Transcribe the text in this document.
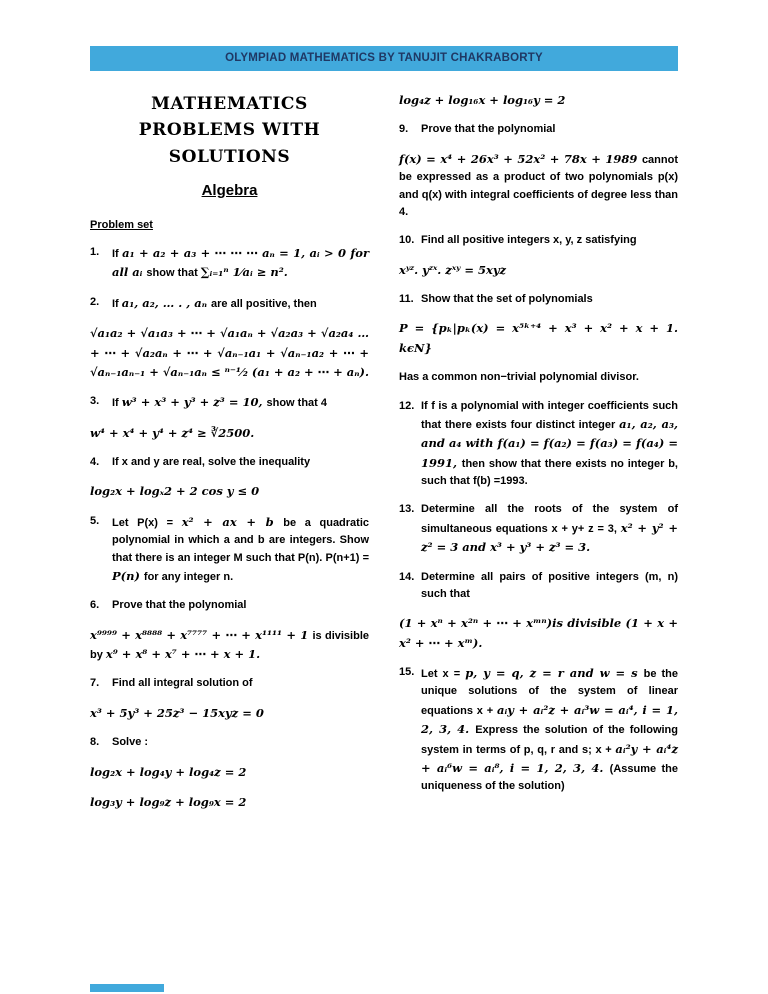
OLYMPIAD MATHEMATICS BY TANUJIT CHAKRABORTY
MATHEMATICS
PROBLEMS WITH
SOLUTIONS
Algebra
Problem set
1. If a₁ + a₂ + a₃ + ⋯ ⋯ ⋯ aₙ = 1, aᵢ > 0 for all aᵢ show that ∑ᵢ₌₁ⁿ 1⁄aᵢ ≥ n².
2. If a₁, a₂, … . , aₙ are all positive, then
√a₁a₂ + √a₁a₃ + ⋯ + √a₁aₙ + √a₂a₃ + √a₂a₄ … + ⋯ + √a₂aₙ + ⋯ + √aₙ₋₁a₁ + √aₙ₋₁a₂ + ⋯ + √aₙ₋₁aₙ₋₁ + √aₙ₋₁aₙ ≤ ⁿ⁻¹⁄₂ (a₁ + a₂ + ⋯ + aₙ).
3. If w³ + x³ + y³ + z³ = 10, show that 4
w⁴ + x⁴ + y⁴ + z⁴ ≥ ∛2500.
4. If x and y are real, solve the inequality
log₂x + logₓ2 + 2 cos y ≤ 0
5. Let P(x) = x² + ax + b be a quadratic polynomial in which a and b are integers. Show that there is an integer M such that P(n). P(n+1) = P(n) for any integer n.
6. Prove that the polynomial
x⁹⁹⁹⁹ + x⁸⁸⁸⁸ + x⁷⁷⁷⁷ + ⋯ + x¹¹¹¹ + 1 is divisible by x⁹ + x⁸ + x⁷ + ⋯ + x + 1.
7. Find all integral solution of
x³ + 5y³ + 25z³ − 15xyz = 0
8. Solve :
log₂x + log₄y + log₄z = 2
log₃y + log₉z + log₉x = 2
log₄z + log₁₆x + log₁₆y = 2
9. Prove that the polynomial
f(x) = x⁴ + 26x³ + 52x² + 78x + 1989 cannot be expressed as a product of two polynomials p(x) and q(x) with integral coefficients of degree less than 4.
10. Find all positive integers x, y, z satisfying
xʸᶻ. yᶻˣ. zˣʸ = 5xyz
11. Show that the set of polynomials
P = {pₖ|pₖ(x) = x⁵ᵏ⁺⁴ + x³ + x² + x + 1. kϵN}
Has a common non−trivial polynomial divisor.
12. If f is a polynomial with integer coefficients such that there exists four distinct integer a₁, a₂, a₃, and a₄ with f(a₁) = f(a₂) = f(a₃) = f(a₄) = 1991, then show that there exists no integer b, such that f(b) =1993.
13. Determine all the roots of the system of simultaneous equations x + y+ z = 3, x² + y² + z² = 3 and x³ + y³ + z³ = 3.
14. Determine all pairs of positive integers (m, n) such that
(1 + xⁿ + x²ⁿ + ⋯ + xᵐⁿ)is divisible (1 + x + x² + ⋯ + xᵐ).
15. Let x = p, y = q, z = r and w = s be the unique solutions of the system of linear equations x + aᵢy + aᵢ²z + aᵢ³w = aᵢ⁴, i = 1, 2, 3, 4. Express the solution of the following system in terms of p, q, r and s; x + aᵢ²y + aᵢ⁴z + aᵢ⁶w = aᵢ⁸, i = 1, 2, 3, 4. (Assume the uniqueness of the solution)
